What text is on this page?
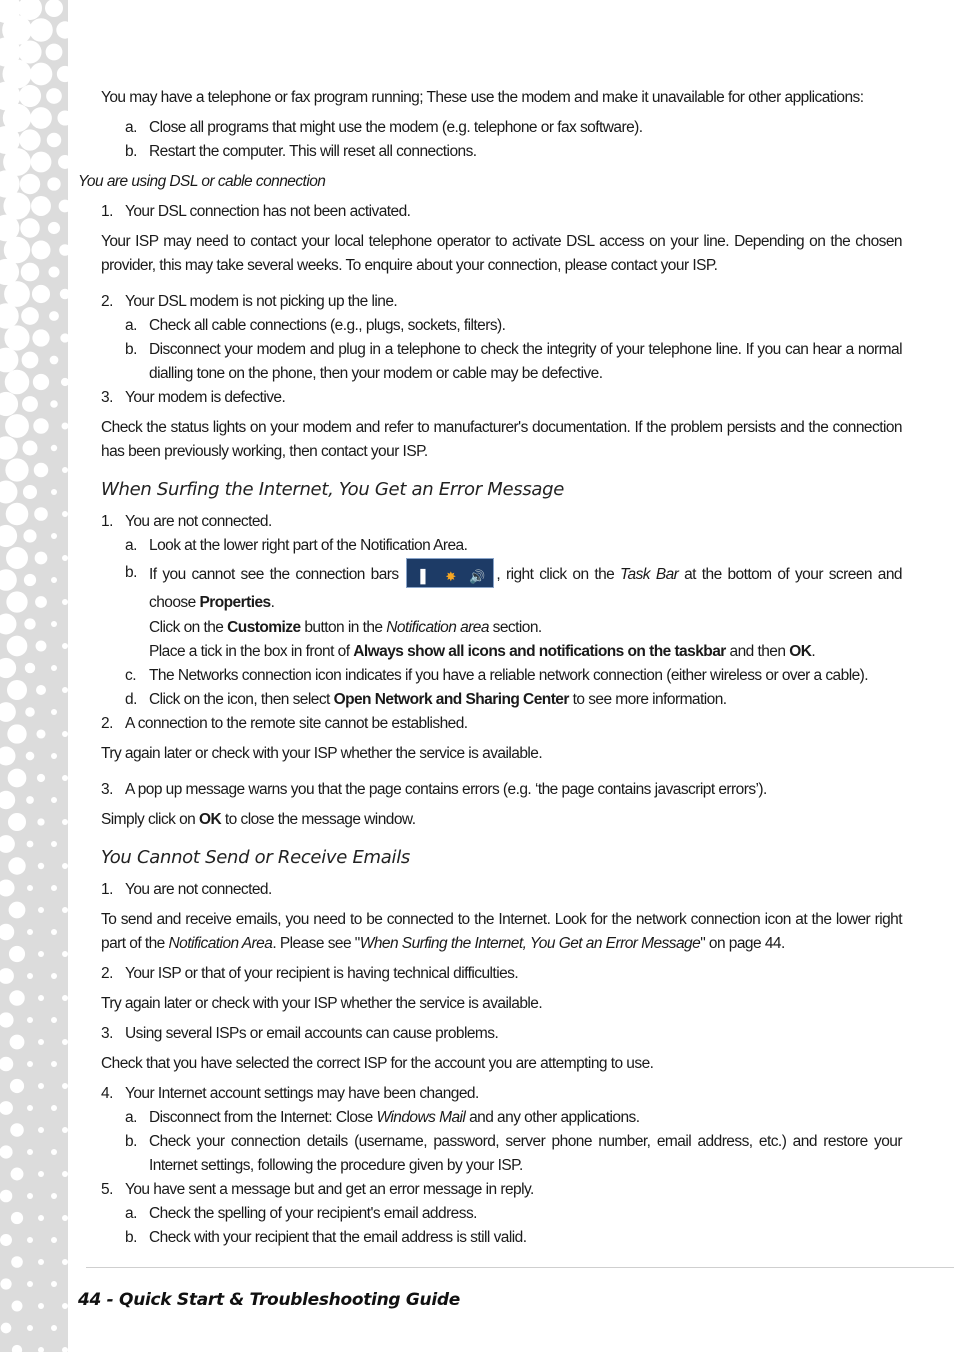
You may have a telephone or fax program running; These use the modem and make it unavailable for other applications:

a. Close all programs that might use the modem (e.g. telephone or fax software).
b. Restart the computer. This will reset all connections.
You are using DSL or cable connection
1. Your DSL connection has not been activated.

Your ISP may need to contact your local telephone operator to activate DSL access on your line. Depending on the chosen provider, this may take several weeks. To enquire about your connection, please contact your ISP.

2. Your DSL modem is not picking up the line.
a. Check all cable connections (e.g., plugs, sockets, filters).
b. Disconnect your modem and plug in a telephone to check the integrity of your telephone line. If you can hear a normal dialling tone on the phone, then your modem or cable may be defective.
3. Your modem is defective.

Check the status lights on your modem and refer to manufacturer's documentation. If the problem persists and the connection has been previously working, then contact your ISP.

When Surfing the Internet, You Get an Error Message
1. You are not connected.
a. Look at the lower right part of the Notification Area.
b. If you cannot see the connection bars ▐ ✸ 🔊 , right click on the Task Bar at the bottom of your screen and choose Properties.
Click on the Customize button in the Notification area section.
Place a tick in the box in front of Always show all icons and notifications on the taskbar and then OK.
c. The Networks connection icon indicates if you have a reliable network connection (either wireless or over a cable).
d. Click on the icon, then select Open Network and Sharing Center to see more information.
2. A connection to the remote site cannot be established.

Try again later or check with your ISP whether the service is available.

3. A pop up message warns you that the page contains errors (e.g. ‘the page contains javascript errors’).

Simply click on OK to close the message window.

You Cannot Send or Receive Emails
1. You are not connected.

To send and receive emails, you need to be connected to the Internet. Look for the network connection icon at the lower right part of the Notification Area. Please see "When Surfing the Internet, You Get an Error Message" on page 44.

2. Your ISP or that of your recipient is having technical difficulties.

Try again later or check with your ISP whether the service is available.

3. Using several ISPs or email accounts can cause problems.

Check that you have selected the correct ISP for the account you are attempting to use.

4. Your Internet account settings may have been changed.
a. Disconnect from the Internet: Close Windows Mail and any other applications.
b. Check your connection details (username, password, server phone number, email address, etc.) and restore your Internet settings, following the procedure given by your ISP.
5. You have sent a message but and get an error message in reply.
a. Check the spelling of your recipient's email address.
b. Check with your recipient that the email address is still valid.
44 - Quick Start & Troubleshooting Guide
